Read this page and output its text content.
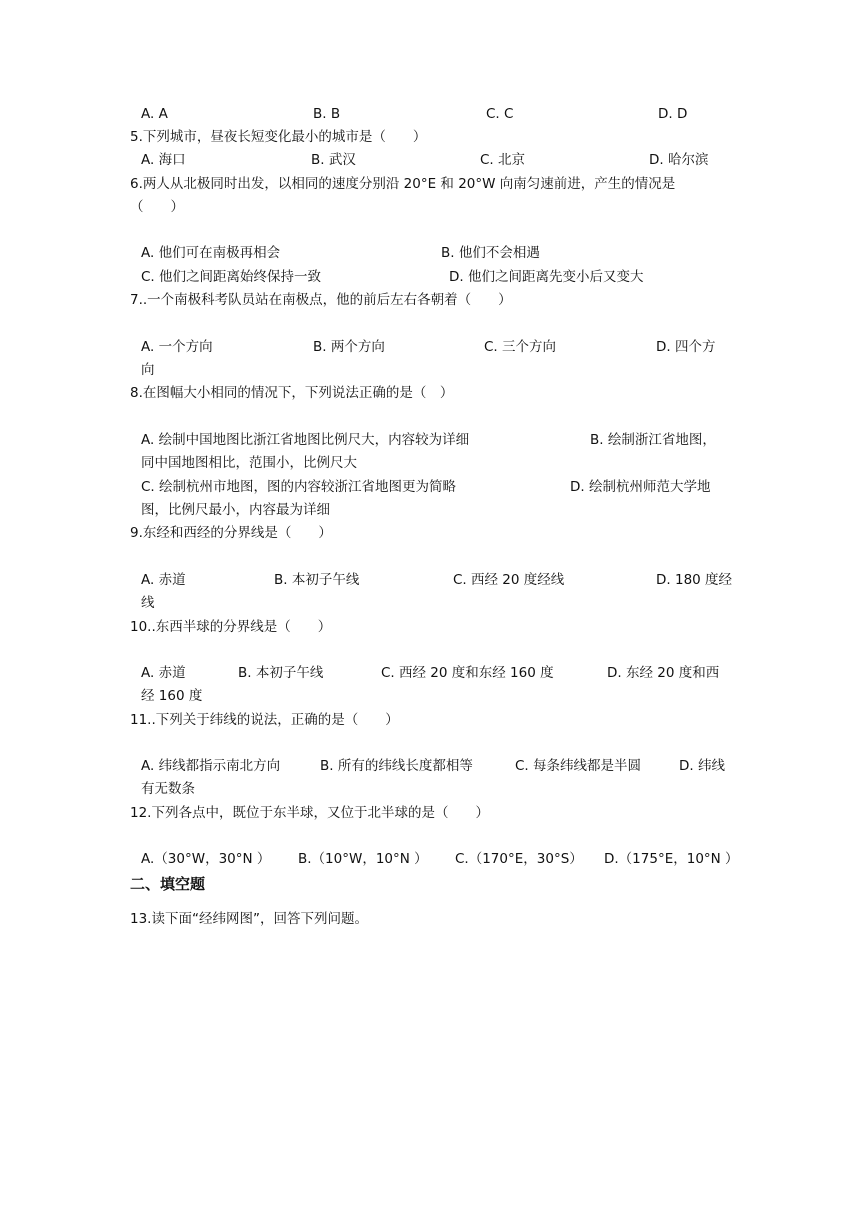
A. A	B. B	C. C	D. D
5.下列城市，昼夜长短变化最小的城市是（　　）
A. 海口	B. 武汉	C. 北京	D. 哈尔滨
6.两人从北极同时出发，以相同的速度分别沿 20°E 和 20°W 向南匀速前进，产生的情况是
（　　）
A. 他们可在南极再相会	B. 他们不会相遇
C. 他们之间距离始终保持一致	D. 他们之间距离先变小后又变大
7..一个南极科考队员站在南极点，他的前后左右各朝着（　　）
A. 一个方向	B. 两个方向	C. 三个方向	D. 四个方
向
8.在图幅大小相同的情况下，下列说法正确的是（　）
A. 绘制中国地图比浙江省地图比例尺大，内容较为详细	B. 绘制浙江省地图，
同中国地图相比，范围小，比例尺大
C. 绘制杭州市地图，图的内容较浙江省地图更为简略	D. 绘制杭州师范大学地
图，比例尺最小，内容最为详细
9.东经和西经的分界线是（　　）
A. 赤道	B. 本初子午线	C. 西经 20 度经线	D. 180 度经
线
10..东西半球的分界线是（　　）
A. 赤道	B. 本初子午线	C. 西经 20 度和东经 160 度	D. 东经 20 度和西
经 160 度
11..下列关于纬线的说法，正确的是（　　）
A. 纬线都指示南北方向	B. 所有的纬线长度都相等	C. 每条纬线都是半圆	D. 纬线
有无数条
12.下列各点中，既位于东半球，又位于北半球的是（　　）
A.（30°W，30°N ） B.（10°W，10°N ） C.（170°E，30°S） D.（175°E，10°N ）
二、填空题
13.读下面“经纬网图”，回答下列问题。
